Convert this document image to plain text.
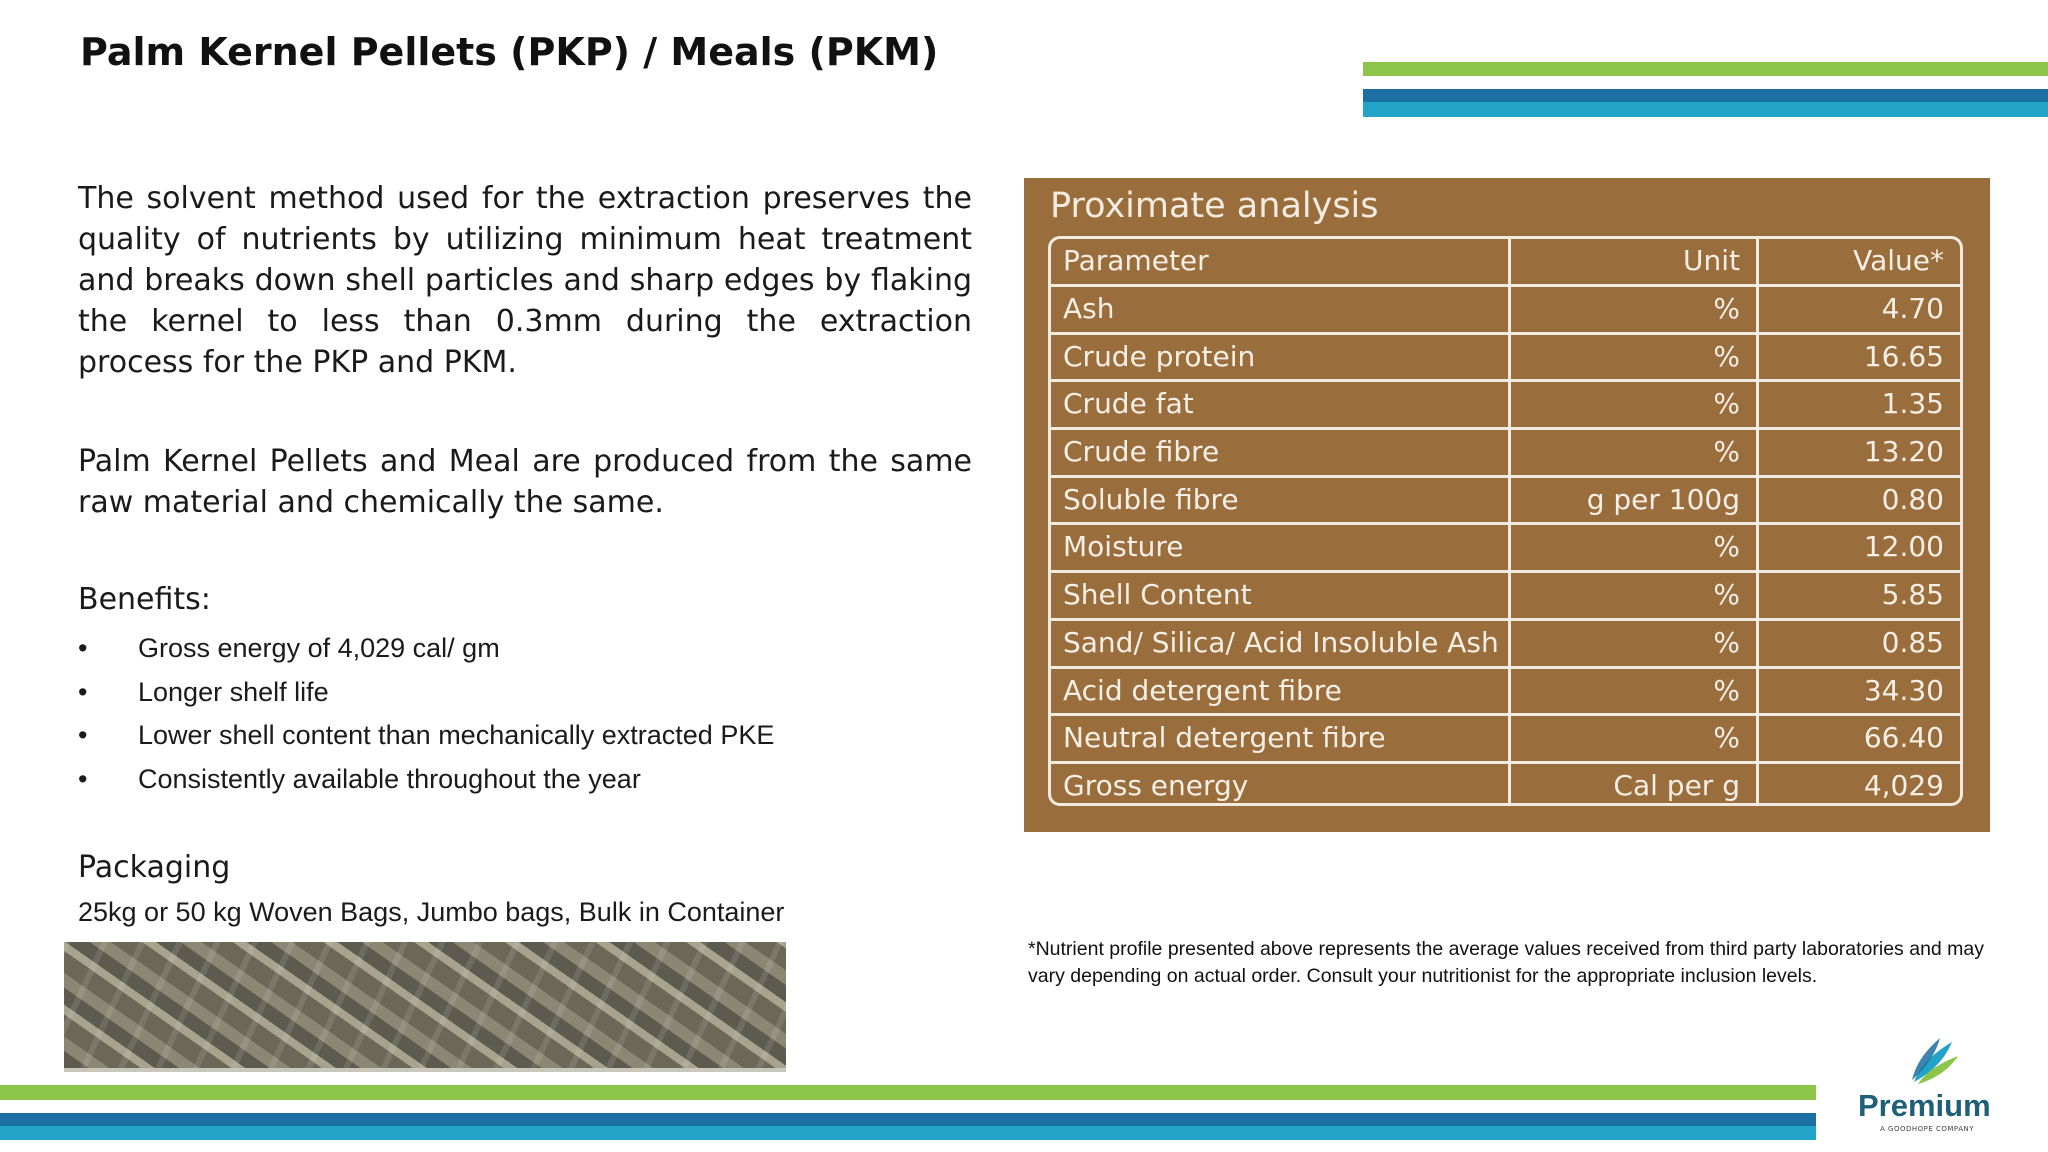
Palm Kernel Pellets (PKP) / Meals (PKM)

The solvent method used for the extraction preserves the quality of nutrients by utilizing minimum heat treatment and breaks down shell particles and sharp edges by flaking the kernel to less than 0.3mm during the extraction process for the PKP and PKM.

Palm Kernel Pellets and Meal are produced from the same raw material and chemically the same.

Benefits:
•	Gross energy of 4,029 cal/ gm
•	Longer shelf life
•	Lower shell content than mechanically extracted PKE
•	Consistently available throughout the year
Packaging
25kg or 50 kg Woven Bags, Jumbo bags, Bulk in Container
Proximate analysis
Parameter	Unit	Value*
Ash	%	4.70
Crude protein	%	16.65
Crude fat	%	1.35
Crude fibre	%	13.20
Soluble fibre	g per 100g	0.80
Moisture	%	12.00
Shell Content	%	5.85
Sand/ Silica/ Acid Insoluble Ash	%	0.85
Acid detergent fibre	%	34.30
Neutral detergent fibre	%	66.40
Gross energy	Cal per g	4,029
*Nutrient profile presented above represents the average values received from third party laboratories and may vary depending on actual order. Consult your nutritionist for the appropriate inclusion levels.
Premium
A GOODHOPE COMPANY
